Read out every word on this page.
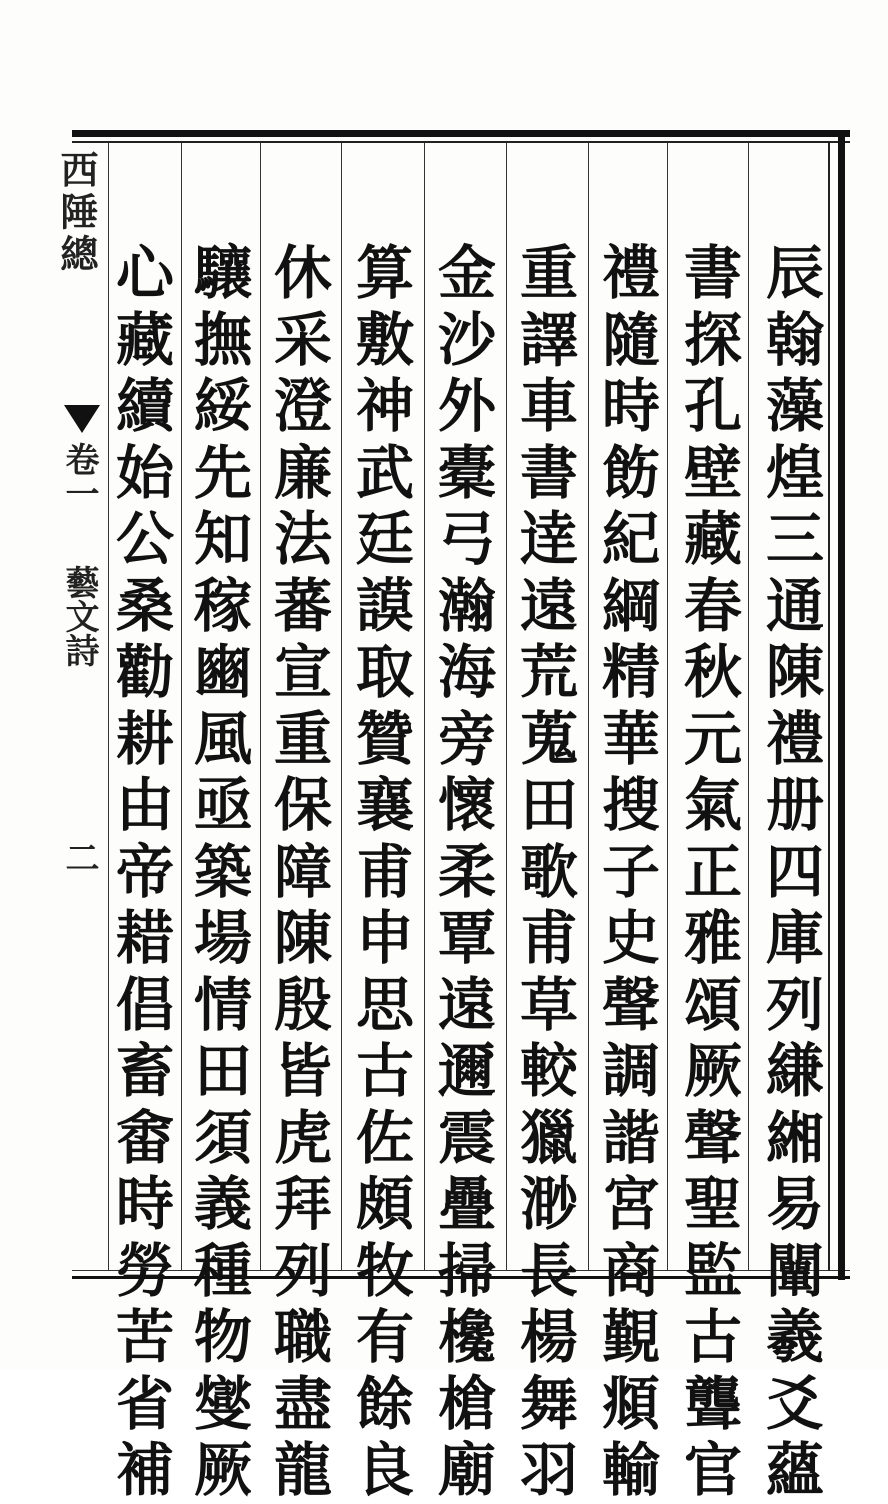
西陲總
卷一
藝文詩
二
辰
翰
藻
煌
三
通
陳
禮
册
四
庫
列
縑
緗
易
闡
羲
爻
蘊
書
探
孔
壁
藏
春
秋
元
氣
正
雅
頌
厥
聲
聖
監
古
聾
官
禮
隨
時
飭
紀
綱
精
華
搜
子
史
聲
調
諧
宮
商
覲
頫
輸
重
譯
車
書
逹
遠
荒
蒐
田
歌
甫
草
較
獵
渺
長
楊
舞
羽
金
沙
外
橐
弓
瀚
海
旁
懷
柔
覃
遠
邇
震
疊
掃
欃
槍
廟
算
敷
神
武
廷
謨
取
贊
襄
甫
申
思
古
佐
頗
牧
有
餘
良
休
采
澄
廉
法
蕃
宣
重
保
障
陳
殷
皆
虎
拜
列
職
盡
龍
驤
撫
綏
先
知
稼
豳
風
亟
築
場
情
田
須
義
種
物
燮
厥
心
藏
續
始
公
桑
勸
耕
由
帝
耤
倡
畜
畬
時
勞
苦
省
補
